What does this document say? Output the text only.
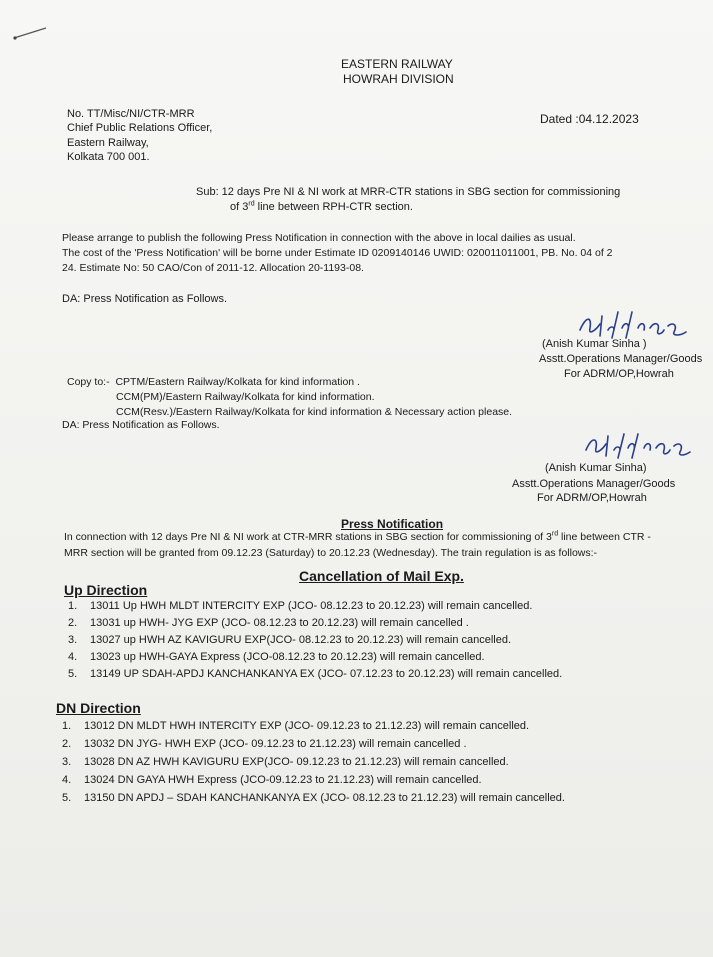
EASTERN RAILWAY
HOWRAH DIVISION
No. TT/Misc/NI/CTR-MRR	Dated :04.12.2023
Chief Public Relations Officer,
Eastern Railway,
Kolkata 700 001.
Sub: 12 days Pre NI & NI work at MRR-CTR stations in SBG section for commissioning
of 3rd line between RPH-CTR section.
Please arrange to publish the following Press Notification in connection with the above in local dailies as usual.
The cost of the 'Press Notification' will be borne under Estimate ID 0209140146 UWID: 020011011001, PB. No. 04 of 2
24. Estimate No: 50 CAO/Con of 2011-12. Allocation 20-1193-08.
DA: Press Notification as Follows.
(Anish Kumar Sinha )
Asstt.Operations Manager/Goods
For ADRM/OP,Howrah
Copy to:- CPTM/Eastern Railway/Kolkata for kind information .
CCM(PM)/Eastern Railway/Kolkata for kind information.
CCM(Resv.)/Eastern Railway/Kolkata for kind information & Necessary action please.
DA: Press Notification as Follows.
(Anish Kumar Sinha)
Asstt.Operations Manager/Goods
For ADRM/OP,Howrah
Press Notification
In connection with 12 days Pre NI & NI work at CTR-MRR stations in SBG section for commissioning of 3rd line between CTR -
MRR section will be granted from 09.12.23 (Saturday) to 20.12.23 (Wednesday). The train regulation is as follows:-
Cancellation of Mail Exp.
Up Direction
1. 13011 Up HWH MLDT INTERCITY EXP (JCO- 08.12.23 to 20.12.23) will remain cancelled.
2. 13031 up HWH- JYG EXP (JCO- 08.12.23 to 20.12.23) will remain cancelled .
3. 13027 up HWH AZ KAVIGURU EXP(JCO- 08.12.23 to 20.12.23) will remain cancelled.
4. 13023 up HWH-GAYA Express (JCO-08.12.23 to 20.12.23) will remain cancelled.
5. 13149 UP SDAH-APDJ KANCHANKANYA EX (JCO- 07.12.23 to 20.12.23) will remain cancelled.
DN Direction
1. 13012 DN MLDT HWH INTERCITY EXP (JCO- 09.12.23 to 21.12.23) will remain cancelled.
2. 13032 DN JYG- HWH EXP (JCO- 09.12.23 to 21.12.23) will remain cancelled .
3. 13028 DN AZ HWH KAVIGURU EXP(JCO- 09.12.23 to 21.12.23) will remain cancelled.
4. 13024 DN GAYA HWH Express (JCO-09.12.23 to 21.12.23) will remain cancelled.
5. 13150 DN APDJ – SDAH KANCHANKANYA EX (JCO- 08.12.23 to 21.12.23) will remain cancelled.
